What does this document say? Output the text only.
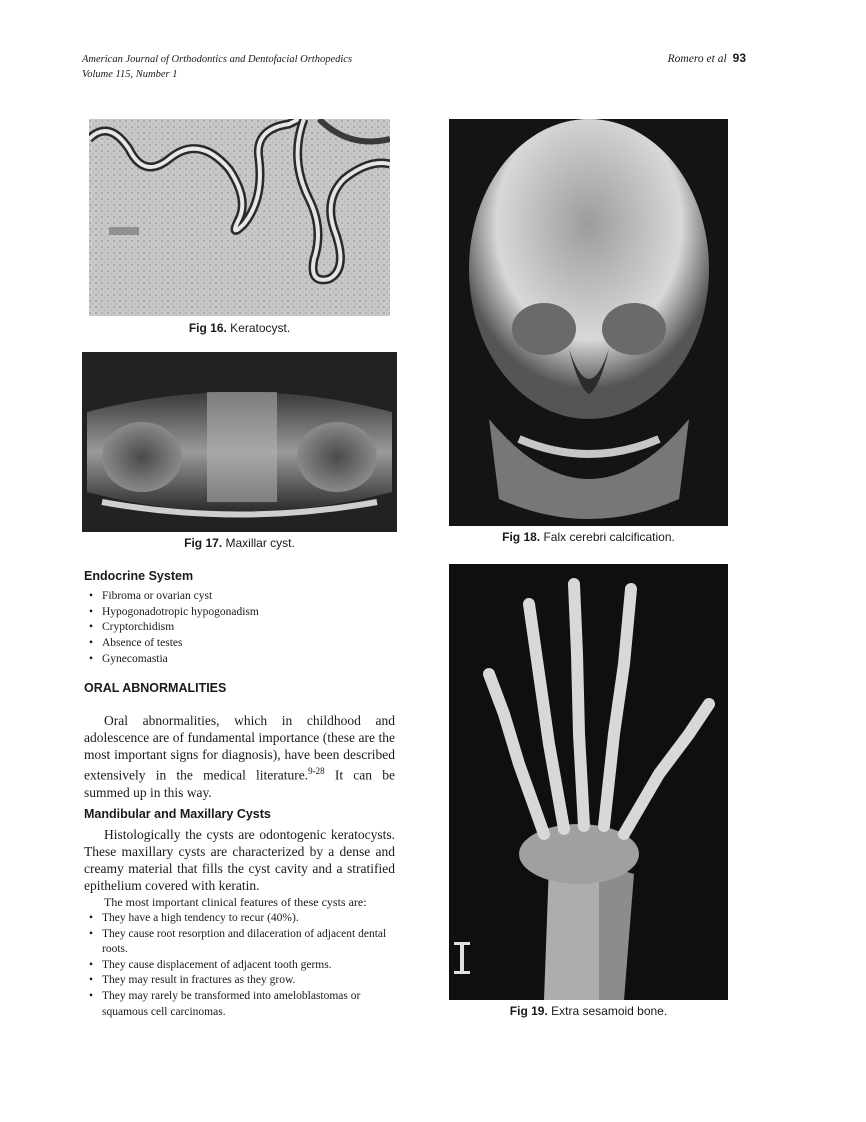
American Journal of Orthodontics and Dentofacial Orthopedics
Volume 115, Number 1
Romero et al 93
Fig 16. Keratocyst.
Fig 17. Maxillar cyst.	Fig 18. Falx cerebri calcification.
Fig 19. Extra sesamoid bone.
Endocrine System
• Fibroma or ovarian cyst
• Hypogonadotropic hypogonadism
• Cryptorchidism
• Absence of testes
• Gynecomastia
ORAL ABNORMALITIES

Oral abnormalities, which in childhood and adolescence are of fundamental importance (these are the most important signs for diagnosis), have been described extensively in the medical literature.$^{9-28}$ It can be summed up in this way.

Mandibular and Maxillary Cysts

Histologically the cysts are odontogenic keratocysts. These maxillary cysts are characterized by a dense and creamy material that fills the cyst cavity and a stratified epithelium covered with keratin.

The most important clinical features of these cysts are:

• They have a high tendency to recur (40%).
• They cause root resorption and dilaceration of adjacent dental roots.
• They cause displacement of adjacent tooth germs.
• They may result in fractures as they grow.
• They may rarely be transformed into ameloblastomas or squamous cell carcinomas.
